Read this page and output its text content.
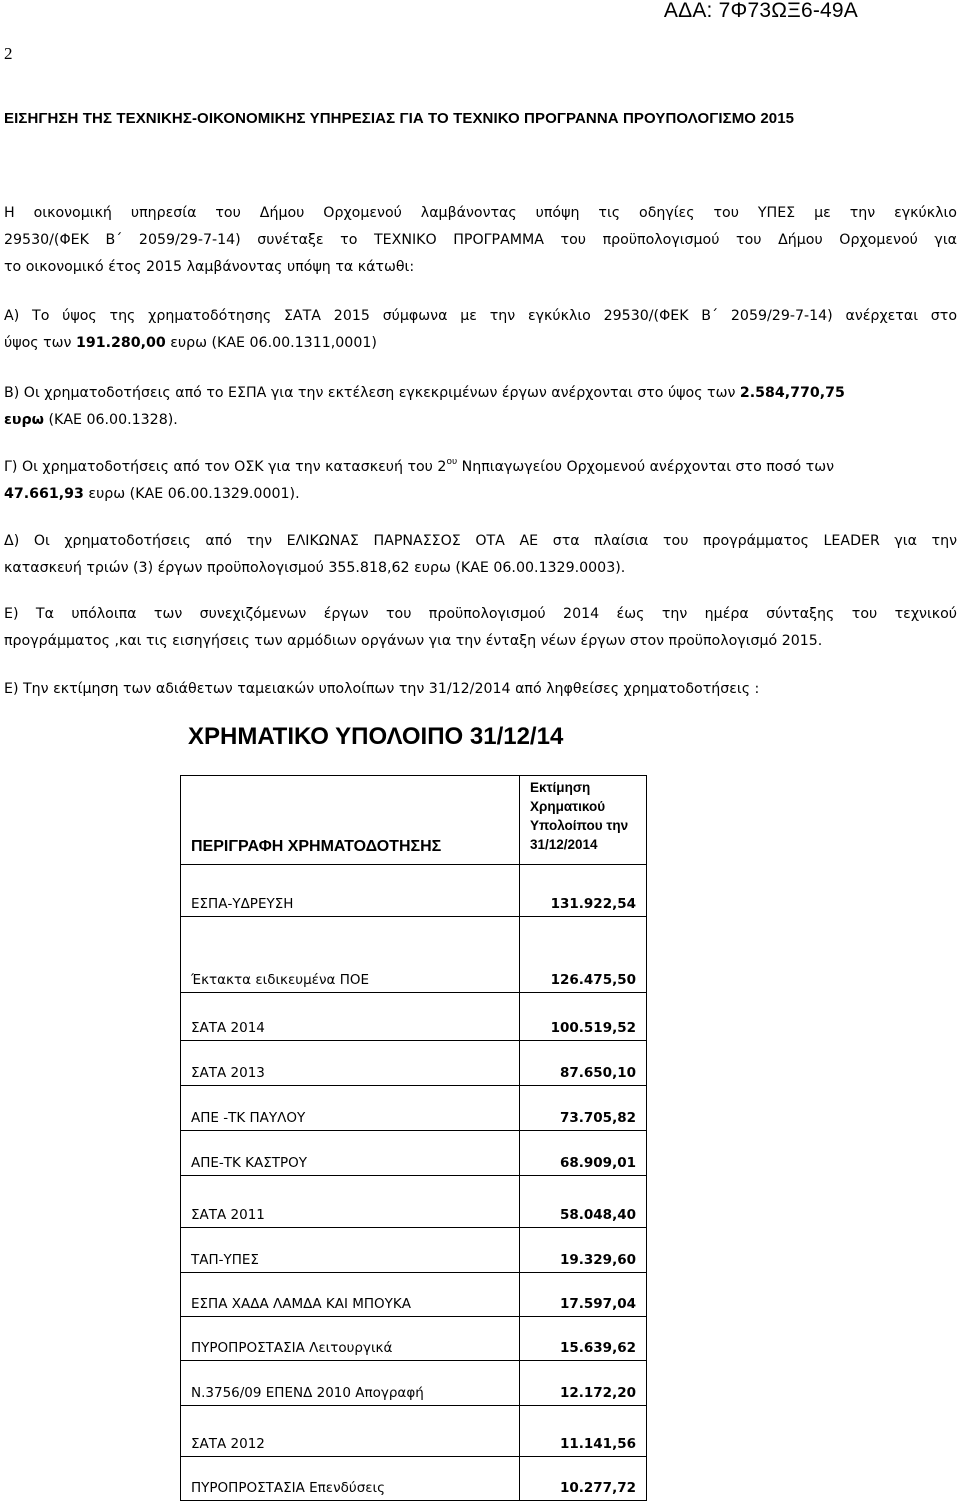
ΑΔΑ: 7Φ73ΩΞ6-49Α
2
ΕΙΣΗΓΗΣΗ ΤΗΣ ΤΕΧΝΙΚΗΣ-ΟΙΚΟΝΟΜΙΚΗΣ ΥΠΗΡΕΣΙΑΣ ΓΙΑ ΤΟ ΤΕΧΝΙΚΟ ΠΡΟΓΡΑΝΝΑ ΠΡΟΥΠΟΛΟΓΙΣΜΟ 2015
Η οικονομική υπηρεσία του Δήμου Ορχομενού λαμβάνοντας υπόψη τις οδηγίες του ΥΠΕΣ με την εγκύκλιο
29530/(ΦΕΚ Β΄ 2059/29-7-14) συνέταξε το ΤΕΧΝΙΚΟ ΠΡΟΓΡΑΜΜΑ του προϋπολογισμού του Δήμου Ορχομενού για
το οικονομικό έτος 2015 λαμβάνοντας υπόψη τα κάτωθι:
Α) Το ύψος της χρηματοδότησης ΣΑΤΑ 2015 σύμφωνα με την εγκύκλιο 29530/(ΦΕΚ Β΄ 2059/29-7-14) ανέρχεται στο
ύψος των 191.280,00 ευρω (ΚΑΕ 06.00.1311,0001)
Β) Οι χρηματοδοτήσεις από το ΕΣΠΑ για την εκτέλεση εγκεκριμένων έργων ανέρχονται στο ύψος των 2.584,770,75
ευρω (ΚΑΕ 06.00.1328).
Γ) Οι χρηματοδοτήσεις από τον ΟΣΚ για την κατασκευή του $2^{o\upsilon}$ Νηπιαγωγείου Ορχομενού ανέρχονται στο ποσό των
47.661,93 ευρω (ΚΑΕ 06.00.1329.0001).
Δ) Οι χρηματοδοτήσεις από την ΕΛΙΚΩΝΑΣ ΠΑΡΝΑΣΣΟΣ ΟΤΑ ΑΕ στα πλαίσια του προγράμματος LEADER για την
κατασκευή τριών (3) έργων προϋπολογισμού 355.818,62 ευρω (ΚΑΕ 06.00.1329.0003).
Ε) Τα υπόλοιπα των συνεχιζόμενων έργων του προϋπολογισμού 2014 έως την ημέρα σύνταξης του τεχνικού
προγράμματος ,και τις εισηγήσεις των αρμόδιων οργάνων για την ένταξη νέων έργων στον προϋπολογισμό 2015.
Ε) Την εκτίμηση των αδιάθετων ταμειακών υπολοίπων την 31/12/2014 από ληφθείσες χρηματοδοτήσεις :
ΧΡΗΜΑΤΙΚΟ ΥΠΟΛΟΙΠΟ 31/12/14
ΠΕΡΙΓΡΑΦΗ ΧΡΗΜΑΤΟΔΟΤΗΣΗΣ	Εκτίμηση
Χρηματικού
Υπολοίπου την
31/12/2014

ΕΣΠΑ-ΥΔΡΕΥΣΗ	131.922,54
Έκτακτα ειδικευμένα ΠΟΕ	126.475,50
ΣΑΤΑ 2014	100.519,52
ΣΑΤΑ 2013	87.650,10
ΑΠΕ -ΤΚ ΠΑΥΛΟΥ	73.705,82
ΑΠΕ-ΤΚ ΚΑΣΤΡΟΥ	68.909,01
ΣΑΤΑ 2011	58.048,40
ΤΑΠ-ΥΠΕΣ	19.329,60
ΕΣΠΑ ΧΑΔΑ ΛΑΜΔΑ ΚΑΙ ΜΠΟΥΚΑ	17.597,04
ΠΥΡΟΠΡΟΣΤΑΣΙΑ Λειτουργικά	15.639,62
Ν.3756/09 ΕΠΕΝΔ 2010 Απογραφή	12.172,20
ΣΑΤΑ 2012	11.141,56
ΠΥΡΟΠΡΟΣΤΑΣΙΑ Επενδύσεις	10.277,72
